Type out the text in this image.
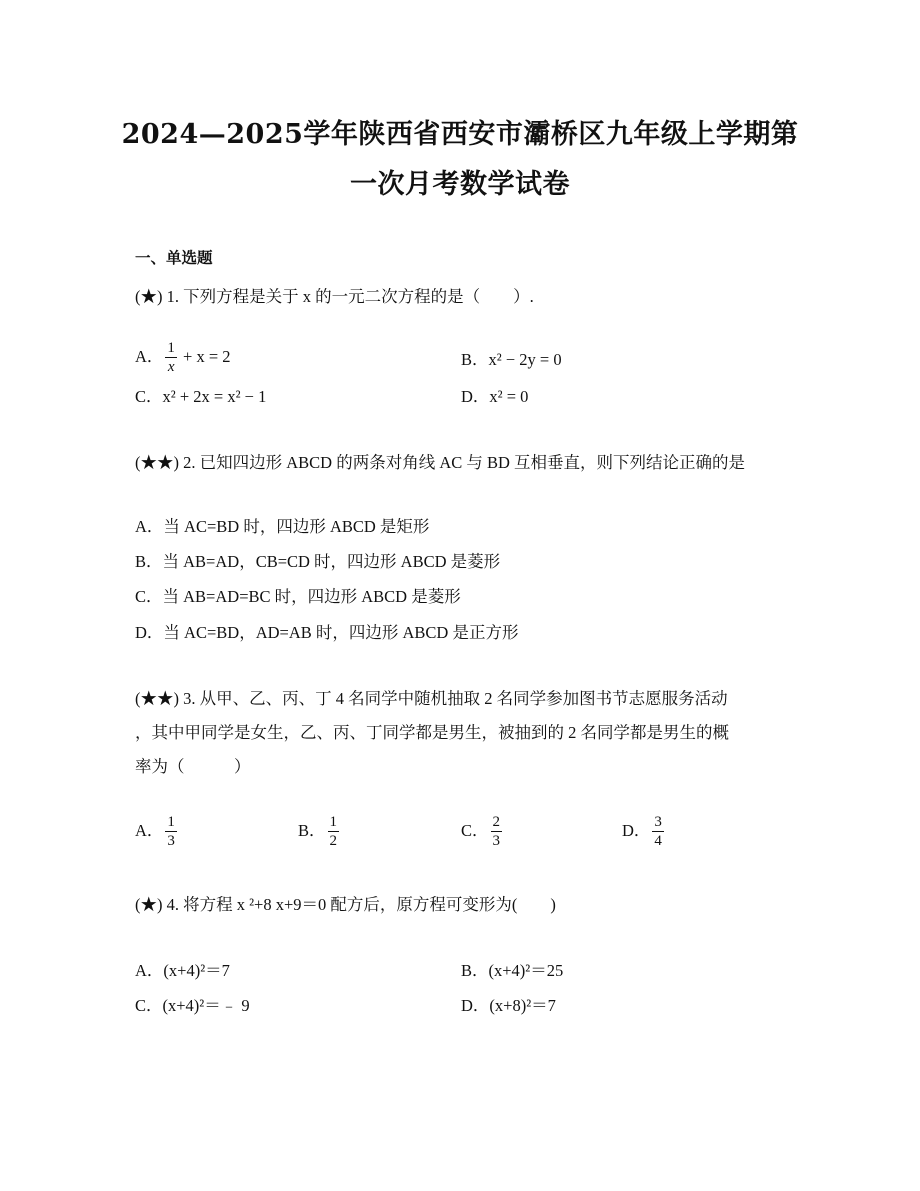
2024—2025学年陕西省西安市灞桥区九年级上学期第
一次月考数学试卷
一、单选题
(★) 1. 下列方程是关于 x 的一元二次方程的是（　　）.
A． $\frac{1}{x} + x = 2$	B．x² − 2y = 0
C．x² + 2x = x² − 1	D．x² = 0
(★★) 2. 已知四边形 ABCD 的两条对角线 AC 与 BD 互相垂直，则下列结论正确的是
A．当 AC=BD 时，四边形 ABCD 是矩形
B．当 AB=AD，CB=CD 时，四边形 ABCD 是菱形
C．当 AB=AD=BC 时，四边形 ABCD 是菱形
D．当 AC=BD，AD=AB 时，四边形 ABCD 是正方形
(★★) 3. 从甲、乙、丙、丁 4 名同学中随机抽取 2 名同学参加图书节志愿服务活动
，其中甲同学是女生，乙、丙、丁同学都是男生，被抽到的 2 名同学都是男生的概
率为（　　　）
A． $\frac{1}{3}$	B． $\frac{1}{2}$	C． $\frac{2}{3}$	D． $\frac{3}{4}$
(★) 4. 将方程 x ²+8 x+9＝0 配方后，原方程可变形为(　　)
A．(x+4)²＝7	B．(x+4)²＝25
C．(x+4)²＝﹣ 9	D．(x+8)²＝7
